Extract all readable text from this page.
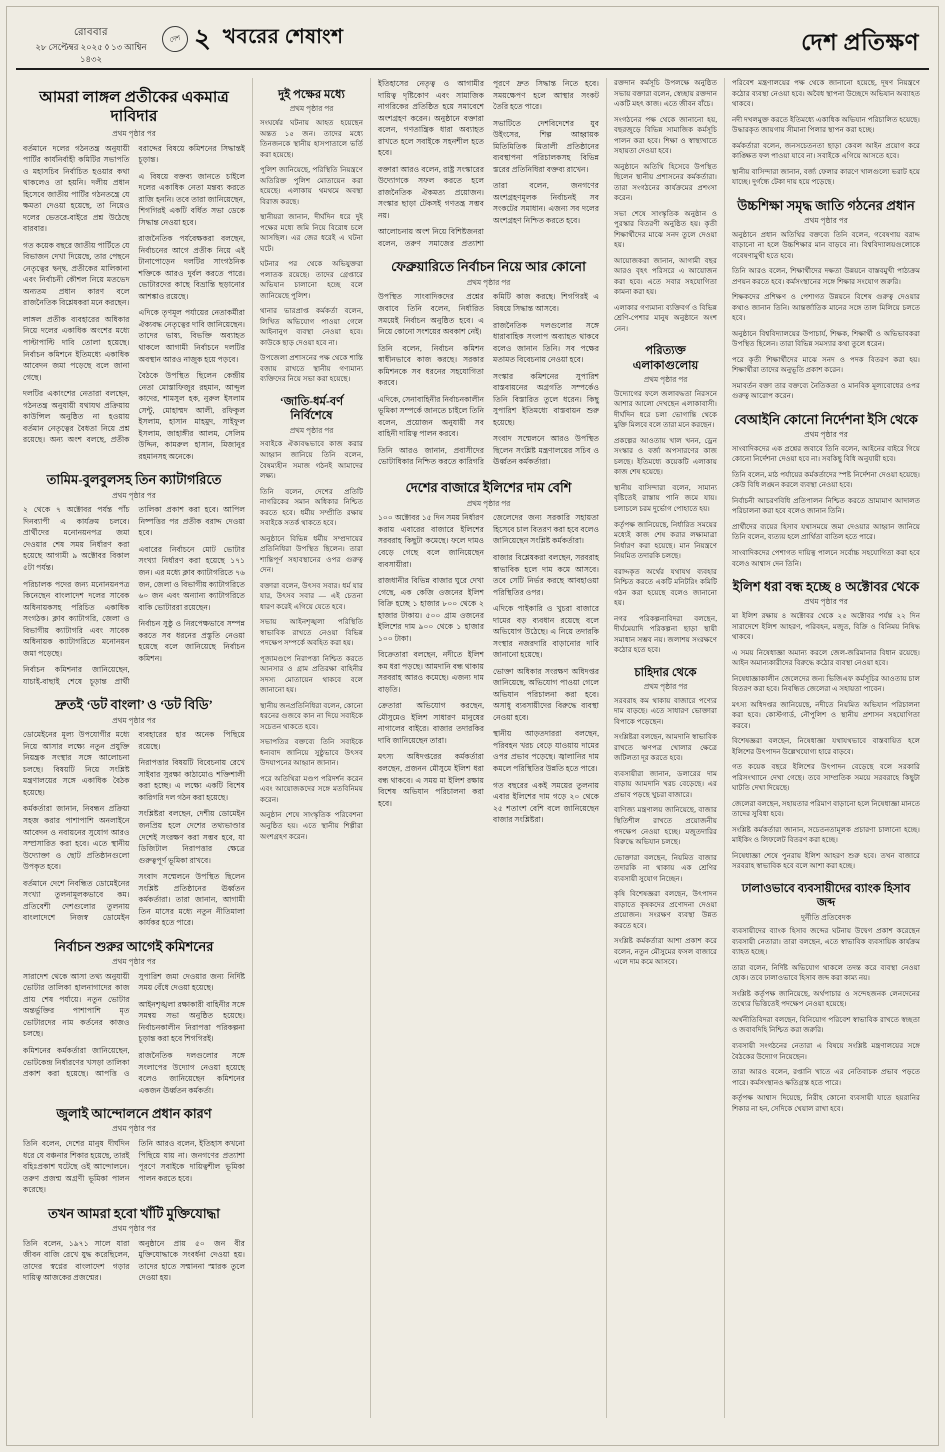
রোববার
২৮ সেপ্টেম্বর ২০২৫ ◊ ১৩ আশ্বিন ১৪৩২
দেশ ২ খবরের শেষাংশ	দেশ প্রতিক্ষণ
আমরা লাঙ্গল প্রতীকের একমাত্র দাবিদার
প্রথম পৃষ্ঠার পর

বর্তমানে দলের গঠনতন্ত্র অনুযায়ী পার্টির কার্যনির্বাহী কমিটির সভাপতি ও মহাসচিব নির্বাচিত হওয়ার কথা থাকলেও তা হয়নি। দলীয় প্রধান হিসেবে জাতীয় পার্টির গঠনতন্ত্রে যে ক্ষমতা দেওয়া হয়েছে, তা নিয়েও দলের ভেতরে-বাইরে প্রশ্ন উঠেছে বারবার।

গত কয়েক বছরে জাতীয় পার্টিতে যে বিভাজন দেখা দিয়েছে, তার পেছনে নেতৃত্বের দ্বন্দ্ব, প্রতীকের মালিকানা এবং নির্বাচনী কৌশল নিয়ে মতভেদ অন্যতম প্রধান কারণ বলে রাজনৈতিক বিশ্লেষকরা মনে করছেন।

লাঙ্গল প্রতীক ব্যবহারের অধিকার নিয়ে দলের একাধিক অংশের মধ্যে পাল্টাপাল্টি দাবি তোলা হয়েছে। নির্বাচন কমিশনে ইতিমধ্যে একাধিক আবেদন জমা পড়েছে বলে জানা গেছে।

দলটির একাংশের নেতারা বলছেন, গঠনতন্ত্র অনুযায়ী যথাযথ প্রক্রিয়ায় কাউন্সিল অনুষ্ঠিত না হওয়ায় বর্তমান নেতৃত্বের বৈধতা নিয়ে প্রশ্ন রয়েছে। অন্য অংশ বলছে, প্রতীক বরাদ্দের বিষয়ে কমিশনের সিদ্ধান্তই চূড়ান্ত।

এ বিষয়ে বক্তব্য জানতে চাইলে দলের একাধিক নেতা মন্তব্য করতে রাজি হননি। তবে তারা জানিয়েছেন, শিগগিরই একটি বর্ধিত সভা ডেকে সিদ্ধান্ত নেওয়া হবে।

রাজনৈতিক পর্যবেক্ষকরা বলছেন, নির্বাচনের আগে প্রতীক নিয়ে এই টানাপোড়েন দলটির সাংগঠনিক শক্তিকে আরও দুর্বল করতে পারে। ভোটারদের কাছে বিভ্রান্তি ছড়ানোর আশঙ্কাও রয়েছে।

এদিকে তৃণমূল পর্যায়ের নেতাকর্মীরা ঐক্যবদ্ধ নেতৃত্বের দাবি জানিয়েছেন। তাদের ভাষ্য, বিভক্তি অব্যাহত থাকলে আগামী নির্বাচনে দলটির অবস্থান আরও নাজুক হয়ে পড়বে।

বৈঠকে উপস্থিত ছিলেন কেন্দ্রীয় নেতা মোস্তাফিজুর রহমান, আব্দুল কাদের, শামসুল হক, নুরুল ইসলাম সেন্টু, মোহাম্মদ আলী, রফিকুল ইসলাম, হাসান মাহমুদ, সাইফুল ইসলাম, জাহাঙ্গীর আলম, সেলিম উদ্দিন, কামরুল হাসান, মিজানুর রহমানসহ অনেকে।

তামিম-বুলবুলসহ তিন ক্যাটাগরিতে
প্রথম পৃষ্ঠার পর

২ থেকে ৭ অক্টোবর পর্যন্ত পাঁচ দিনব্যাপী এ কার্যক্রম চলবে। প্রার্থীদের মনোনয়নপত্র জমা দেওয়ার শেষ সময় নির্ধারণ করা হয়েছে আগামী ৯ অক্টোবর বিকাল ৫টা পর্যন্ত।

পরিচালক পদের জন্য মনোনয়নপত্র কিনেছেন বাংলাদেশ দলের সাবেক অধিনায়কসহ পরিচিত একাধিক সংগঠক। ক্লাব ক্যাটাগরি, জেলা ও বিভাগীয় ক্যাটাগরি এবং সাবেক অধিনায়ক ক্যাটাগরিতে মনোনয়ন জমা পড়েছে।

নির্বাচন কমিশনার জানিয়েছেন, যাচাই-বাছাই শেষে চূড়ান্ত প্রার্থী তালিকা প্রকাশ করা হবে। আপিল নিষ্পত্তির পর প্রতীক বরাদ্দ দেওয়া হবে।

এবারের নির্বাচনে মোট ভোটার সংখ্যা নির্ধারণ করা হয়েছে ১৭১ জন। এর মধ্যে ক্লাব ক্যাটাগরিতে ৭৬ জন, জেলা ও বিভাগীয় ক্যাটাগরিতে ৬০ জন এবং অন্যান্য ক্যাটাগরিতে বাকি ভোটাররা রয়েছেন।

নির্বাচন সুষ্ঠু ও নিরপেক্ষভাবে সম্পন্ন করতে সব ধরনের প্রস্তুতি নেওয়া হয়েছে বলে জানিয়েছে নির্বাচন কমিশন।

দ্রুতই ‘ডট বাংলা’ ও ‘ডট বিডি’
প্রথম পৃষ্ঠার পর

ডোমেইনের মূল্য উপযোগীর মধ্যে নিয়ে আসার লক্ষ্যে নতুন প্রযুক্তি নিয়ন্ত্রক সংস্থার সঙ্গে আলোচনা চলছে। বিষয়টি নিয়ে সংশ্লিষ্ট মন্ত্রণালয়ের সঙ্গে একাধিক বৈঠক হয়েছে।

কর্মকর্তারা জানান, নিবন্ধন প্রক্রিয়া সহজ করার পাশাপাশি অনলাইনে আবেদন ও নবায়নের সুযোগ আরও সম্প্রসারিত করা হবে। এতে স্থানীয় উদ্যোক্তা ও ছোট প্রতিষ্ঠানগুলো উপকৃত হবে।

বর্তমানে দেশে নিবন্ধিত ডোমেইনের সংখ্যা তুলনামূলকভাবে কম। প্রতিবেশী দেশগুলোর তুলনায় বাংলাদেশে নিজস্ব ডোমেইন ব্যবহারের হার অনেক পিছিয়ে রয়েছে।

নিরাপত্তার বিষয়টি বিবেচনায় রেখে সাইবার সুরক্ষা কাঠামোও শক্তিশালী করা হচ্ছে। এ লক্ষ্যে একটি বিশেষ কারিগরি দল গঠন করা হয়েছে।

সংশ্লিষ্টরা বলছেন, দেশীয় ডোমেইন জনপ্রিয় হলে দেশের তথ্যভাণ্ডার দেশেই সংরক্ষণ করা সম্ভব হবে, যা ডিজিটাল নিরাপত্তার ক্ষেত্রে গুরুত্বপূর্ণ ভূমিকা রাখবে।

সংবাদ সম্মেলনে উপস্থিত ছিলেন সংশ্লিষ্ট প্রতিষ্ঠানের ঊর্ধ্বতন কর্মকর্তারা। তারা জানান, আগামী তিন মাসের মধ্যে নতুন নীতিমালা কার্যকর হতে পারে।

নির্বাচন শুরুর আগেই কমিশনের
প্রথম পৃষ্ঠার পর

সারাদেশ থেকে আসা তথ্য অনুযায়ী ভোটার তালিকা হালনাগাদের কাজ প্রায় শেষ পর্যায়ে। নতুন ভোটার অন্তর্ভুক্তির পাশাপাশি মৃত ভোটারদের নাম কর্তনের কাজও চলছে।

কমিশনের কর্মকর্তারা জানিয়েছেন, ভোটকেন্দ্র নির্ধারণের খসড়া তালিকা প্রকাশ করা হয়েছে। আপত্তি ও সুপারিশ জমা দেওয়ার জন্য নির্দিষ্ট সময় বেঁধে দেওয়া হয়েছে।

আইনশৃঙ্খলা রক্ষাকারী বাহিনীর সঙ্গে সমন্বয় সভা অনুষ্ঠিত হয়েছে। নির্বাচনকালীন নিরাপত্তা পরিকল্পনা চূড়ান্ত করা হবে শিগগিরই।

রাজনৈতিক দলগুলোর সঙ্গে সংলাপের উদ্যোগ নেওয়া হয়েছে বলেও জানিয়েছেন কমিশনের একজন ঊর্ধ্বতন কর্মকর্তা।

জুলাই আন্দোলনে প্রধান কারণ
প্রথম পৃষ্ঠার পর

তিনি বলেন, দেশের মানুষ দীর্ঘদিন ধরে যে বঞ্চনার শিকার হয়েছে, তারই বহিঃপ্রকাশ ঘটেছে ওই আন্দোলনে। তরুণ প্রজন্ম অগ্রণী ভূমিকা পালন করেছে।

তিনি আরও বলেন, ইতিহাস কখনো পিছিয়ে যায় না। জনগণের প্রত্যাশা পূরণে সবাইকে দায়িত্বশীল ভূমিকা পালন করতে হবে।

তখন আমরা হবো খাঁটি মুক্তিযোদ্ধা
প্রথম পৃষ্ঠার পর

তিনি বলেন, ১৯৭১ সালে যারা জীবন বাজি রেখে যুদ্ধ করেছিলেন, তাদের স্বপ্নের বাংলাদেশ গড়ার দায়িত্ব আজকের প্রজন্মের।

অনুষ্ঠানে প্রায় ৫০ জন বীর মুক্তিযোদ্ধাকে সংবর্ধনা দেওয়া হয়। তাদের হাতে সম্মাননা স্মারক তুলে দেওয়া হয়।

দুই পক্ষের মধ্যে
প্রথম পৃষ্ঠার পর

সংঘর্ষের ঘটনায় আহত হয়েছেন অন্তত ১৫ জন। তাদের মধ্যে তিনজনকে স্থানীয় হাসপাতালে ভর্তি করা হয়েছে।

পুলিশ জানিয়েছে, পরিস্থিতি নিয়ন্ত্রণে অতিরিক্ত পুলিশ মোতায়েন করা হয়েছে। এলাকায় থমথমে অবস্থা বিরাজ করছে।

স্থানীয়রা জানান, দীর্ঘদিন ধরে দুই পক্ষের মধ্যে জমি নিয়ে বিরোধ চলে আসছিল। এর জের ধরেই এ ঘটনা ঘটে।

ঘটনার পর থেকে অভিযুক্তরা পলাতক রয়েছে। তাদের গ্রেপ্তারে অভিযান চালানো হচ্ছে বলে জানিয়েছে পুলিশ।

থানার ভারপ্রাপ্ত কর্মকর্তা বলেন, লিখিত অভিযোগ পাওয়া গেলে আইনানুগ ব্যবস্থা নেওয়া হবে। কাউকে ছাড় দেওয়া হবে না।

উপজেলা প্রশাসনের পক্ষ থেকে শান্তি বজায় রাখতে স্থানীয় গণ্যমান্য ব্যক্তিদের নিয়ে সভা করা হয়েছে।

‘জাতি-ধর্ম-বর্ণ নির্বিশেষে
প্রথম পৃষ্ঠার পর

সবাইকে ঐক্যবদ্ধভাবে কাজ করার আহ্বান জানিয়ে তিনি বলেন, বৈষম্যহীন সমাজ গঠনই আমাদের লক্ষ্য।

তিনি বলেন, দেশের প্রতিটি নাগরিকের সমান অধিকার নিশ্চিত করতে হবে। ধর্মীয় সম্প্রীতি রক্ষায় সবাইকে সতর্ক থাকতে হবে।

অনুষ্ঠানে বিভিন্ন ধর্মীয় সম্প্রদায়ের প্রতিনিধিরা উপস্থিত ছিলেন। তারা শান্তিপূর্ণ সহাবস্থানের ওপর গুরুত্ব দেন।

বক্তারা বলেন, উৎসব সবার। ধর্ম যার যার, উৎসব সবার — এই চেতনা ধারণ করেই এগিয়ে যেতে হবে।

সভায় আইনশৃঙ্খলা পরিস্থিতি স্বাভাবিক রাখতে নেওয়া বিভিন্ন পদক্ষেপ সম্পর্কে অবহিত করা হয়।

পূজামণ্ডপে নিরাপত্তা নিশ্চিত করতে আনসার ও গ্রাম প্রতিরক্ষা বাহিনীর সদস্য মোতায়েন থাকবে বলে জানানো হয়।

স্থানীয় জনপ্রতিনিধিরা বলেন, কোনো ধরনের গুজবে কান না দিয়ে সবাইকে সচেতন থাকতে হবে।

সভাপতির বক্তব্যে তিনি সবাইকে ধন্যবাদ জানিয়ে সুষ্ঠুভাবে উৎসব উদযাপনের আহ্বান জানান।

পরে অতিথিরা মণ্ডপ পরিদর্শন করেন এবং আয়োজকদের সঙ্গে মতবিনিময় করেন।

অনুষ্ঠান শেষে সাংস্কৃতিক পরিবেশনা অনুষ্ঠিত হয়। এতে স্থানীয় শিল্পীরা অংশগ্রহণ করেন।

ইতিহাসের নেতৃত্ব ও আগামীর দায়িত্ব দৃষ্টিকোণ এবং সামাজিক নাগরিকের প্রতিষ্ঠিত হয়ে সমাবেশে অংশগ্রহণ করেন। অনুষ্ঠানে বক্তারা বলেন, গণতান্ত্রিক ধারা অব্যাহত রাখতে হলে সবাইকে সহনশীল হতে হবে।

বক্তারা আরও বলেন, রাষ্ট্র সংস্কারের উদ্যোগকে সফল করতে হলে রাজনৈতিক ঐকমত্য প্রয়োজন। সংস্কার ছাড়া টেকসই গণতন্ত্র সম্ভব নয়।

আলোচনায় অংশ নিয়ে বিশিষ্টজনরা বলেন, তরুণ সমাজের প্রত্যাশা পূরণে দ্রুত সিদ্ধান্ত নিতে হবে। সময়ক্ষেপণ হলে আস্থার সংকট তৈরি হতে পারে।

সভাটিতে দেশবিদেশের যুব উইংসের, শিল্প আহ্বায়ক মিতিমিতিক মিতালী প্রতিষ্ঠানের ব্যবস্থাপনা পরিচালকসহ বিভিন্ন স্তরের প্রতিনিধিরা বক্তব্য রাখেন।

তারা বলেন, জনগণের অংশগ্রহণমূলক নির্বাচনই সব সংকটের সমাধান। এজন্য সব দলের অংশগ্রহণ নিশ্চিত করতে হবে।

ফেব্রুয়ারিতে নির্বাচন নিয়ে আর কোনো
প্রথম পৃষ্ঠার পর

উপস্থিত সাংবাদিকদের প্রশ্নের জবাবে তিনি বলেন, নির্ধারিত সময়েই নির্বাচন অনুষ্ঠিত হবে। এ নিয়ে কোনো সংশয়ের অবকাশ নেই।

তিনি বলেন, নির্বাচন কমিশন স্বাধীনভাবে কাজ করছে। সরকার কমিশনকে সব ধরনের সহযোগিতা করবে।

এদিকে, সেনাবাহিনীর নির্বাচনকালীন ভূমিকা সম্পর্কে জানতে চাইলে তিনি বলেন, প্রয়োজন অনুযায়ী সব বাহিনী দায়িত্ব পালন করবে।

তিনি আরও জানান, প্রবাসীদের ভোটাধিকার নিশ্চিত করতে কারিগরি কমিটি কাজ করছে। শিগগিরই এ বিষয়ে সিদ্ধান্ত আসবে।

রাজনৈতিক দলগুলোর সঙ্গে ধারাবাহিক সংলাপ অব্যাহত থাকবে বলেও জানান তিনি। সব পক্ষের মতামত বিবেচনায় নেওয়া হবে।

সংস্কার কমিশনের সুপারিশ বাস্তবায়নের অগ্রগতি সম্পর্কেও তিনি বিস্তারিত তুলে ধরেন। কিছু সুপারিশ ইতিমধ্যে বাস্তবায়ন শুরু হয়েছে।

সংবাদ সম্মেলনে আরও উপস্থিত ছিলেন সংশ্লিষ্ট মন্ত্রণালয়ের সচিব ও ঊর্ধ্বতন কর্মকর্তারা।

দেশের বাজারে ইলিশের দাম বেশি
প্রথম পৃষ্ঠার পর

১০০ অক্টোবর ১৫ দিন সময় নির্ধারণ করায় এবারের বাজারে ইলিশের সরবরাহ কিছুটা কমেছে। ফলে দামও বেড়ে গেছে বলে জানিয়েছেন ব্যবসায়ীরা।

রাজধানীর বিভিন্ন বাজার ঘুরে দেখা গেছে, এক কেজি ওজনের ইলিশ বিক্রি হচ্ছে ১ হাজার ৮০০ থেকে ২ হাজার টাকায়। ৫০০ গ্রাম ওজনের ইলিশের দাম ৯০০ থেকে ১ হাজার ১০০ টাকা।

বিক্রেতারা বলছেন, নদীতে ইলিশ কম ধরা পড়ছে। আমদানি বন্ধ থাকায় সরবরাহ আরও কমেছে। এজন্য দাম বাড়তি।

ক্রেতারা অভিযোগ করছেন, মৌসুমেও ইলিশ সাধারণ মানুষের নাগালের বাইরে। বাজার তদারকির দাবি জানিয়েছেন তারা।

মৎস্য অধিদপ্তরের কর্মকর্তারা বলছেন, প্রজনন মৌসুমে ইলিশ ধরা বন্ধ থাকবে। এ সময় মা ইলিশ রক্ষায় বিশেষ অভিযান পরিচালনা করা হবে।

জেলেদের জন্য সরকারি সহায়তা হিসেবে চাল বিতরণ করা হবে বলেও জানিয়েছেন সংশ্লিষ্ট কর্মকর্তারা।

বাজার বিশ্লেষকরা বলছেন, সরবরাহ স্বাভাবিক হলে দাম কমে আসবে। তবে সেটি নির্ভর করছে আবহাওয়া পরিস্থিতির ওপর।

এদিকে পাইকারি ও খুচরা বাজারে দামের বড় ব্যবধান রয়েছে বলে অভিযোগ উঠেছে। এ নিয়ে তদারকি সংস্থার নজরদারি বাড়ানোর দাবি জানানো হয়েছে।

ভোক্তা অধিকার সংরক্ষণ অধিদপ্তর জানিয়েছে, অভিযোগ পাওয়া গেলে অভিযান পরিচালনা করা হবে। অসাধু ব্যবসায়ীদের বিরুদ্ধে ব্যবস্থা নেওয়া হবে।

স্থানীয় আড়তদাররা বলছেন, পরিবহন খরচ বেড়ে যাওয়ায় দামের ওপর প্রভাব পড়েছে। জ্বালানির দাম কমলে পরিস্থিতির উন্নতি হতে পারে।

গত বছরের একই সময়ের তুলনায় এবার ইলিশের দাম গড়ে ২০ থেকে ২৫ শতাংশ বেশি বলে জানিয়েছেন বাজার সংশ্লিষ্টরা।

রক্তদান কর্মসূচি উপলক্ষে অনুষ্ঠিত সভায় বক্তারা বলেন, স্বেচ্ছায় রক্তদান একটি মহৎ কাজ। এতে জীবন বাঁচে।

সংগঠনের পক্ষ থেকে জানানো হয়, বছরজুড়ে বিভিন্ন সামাজিক কর্মসূচি পালন করা হবে। শিক্ষা ও স্বাস্থ্যখাতে সহায়তা দেওয়া হবে।

অনুষ্ঠানে অতিথি হিসেবে উপস্থিত ছিলেন স্থানীয় প্রশাসনের কর্মকর্তারা। তারা সংগঠনের কার্যক্রমের প্রশংসা করেন।

সভা শেষে সাংস্কৃতিক অনুষ্ঠান ও পুরস্কার বিতরণী অনুষ্ঠিত হয়। কৃতী শিক্ষার্থীদের মাঝে সনদ তুলে দেওয়া হয়।

আয়োজকরা জানান, আগামী বছর আরও বৃহৎ পরিসরে এ আয়োজন করা হবে। এতে সবার সহযোগিতা কামনা করা হয়।

এলাকার গণ্যমান্য ব্যক্তিবর্গ ও বিভিন্ন শ্রেণি-পেশার মানুষ অনুষ্ঠানে অংশ নেন।

পরিত্যক্ত এলাকাগুলোয়
প্রথম পৃষ্ঠার পর

উদ্যোগের ফলে জলাবদ্ধতা নিরসনে আশার আলো দেখছেন এলাকাবাসী। দীর্ঘদিন ধরে চলা ভোগান্তি থেকে মুক্তি মিলবে বলে তারা মনে করছেন।

প্রকল্পের আওতায় খাল খনন, ড্রেন সংস্কার ও বর্জ্য অপসারণের কাজ চলছে। ইতিমধ্যে কয়েকটি এলাকায় কাজ শেষ হয়েছে।

স্থানীয় বাসিন্দারা বলেন, সামান্য বৃষ্টিতেই রাস্তায় পানি জমে যায়। চলাচলে চরম দুর্ভোগ পোহাতে হয়।

কর্তৃপক্ষ জানিয়েছে, নির্ধারিত সময়ের মধ্যেই কাজ শেষ করার লক্ষ্যমাত্রা নির্ধারণ করা হয়েছে। মান নিয়ন্ত্রণে নিয়মিত তদারকি চলছে।

বরাদ্দকৃত অর্থের যথাযথ ব্যবহার নিশ্চিত করতে একটি মনিটরিং কমিটি গঠন করা হয়েছে বলেও জানানো হয়।

নগর পরিকল্পনাবিদরা বলছেন, দীর্ঘমেয়াদি পরিকল্পনা ছাড়া স্থায়ী সমাধান সম্ভব নয়। জলাশয় সংরক্ষণে কঠোর হতে হবে।

চাহিদার থেকে
প্রথম পৃষ্ঠার পর

সরবরাহ কম থাকায় বাজারে পণ্যের দাম বাড়ছে। এতে সাধারণ ভোক্তারা বিপাকে পড়েছেন।

সংশ্লিষ্টরা বলছেন, আমদানি স্বাভাবিক রাখতে ঋণপত্র খোলার ক্ষেত্রে জটিলতা দূর করতে হবে।

ব্যবসায়ীরা জানান, ডলারের দাম বাড়ায় আমদানি খরচ বেড়েছে। এর প্রভাব পড়ছে খুচরা বাজারে।

বাণিজ্য মন্ত্রণালয় জানিয়েছে, বাজার স্থিতিশীল রাখতে প্রয়োজনীয় পদক্ষেপ নেওয়া হচ্ছে। মজুতদারির বিরুদ্ধে অভিযান চলছে।

ভোক্তারা বলছেন, নিয়মিত বাজার তদারকি না থাকায় এক শ্রেণির ব্যবসায়ী সুযোগ নিচ্ছেন।

কৃষি বিশেষজ্ঞরা বলছেন, উৎপাদন বাড়াতে কৃষকদের প্রণোদনা দেওয়া প্রয়োজন। সংরক্ষণ ব্যবস্থা উন্নত করতে হবে।

সংশ্লিষ্ট কর্মকর্তারা আশা প্রকাশ করে বলেন, নতুন মৌসুমের ফসল বাজারে এলে দাম কমে আসবে।

পরিবেশ মন্ত্রণালয়ের পক্ষ থেকে জানানো হয়েছে, দূষণ নিয়ন্ত্রণে কঠোর ব্যবস্থা নেওয়া হবে। অবৈধ স্থাপনা উচ্ছেদে অভিযান অব্যাহত থাকবে।

নদী দখলমুক্ত করতে ইতিমধ্যে একাধিক অভিযান পরিচালিত হয়েছে। উদ্ধারকৃত জায়গায় সীমানা পিলার স্থাপন করা হচ্ছে।

কর্মকর্তারা বলেন, জনসচেতনতা ছাড়া কেবল আইন প্রয়োগ করে কাঙ্ক্ষিত ফল পাওয়া যাবে না। সবাইকে এগিয়ে আসতে হবে।

স্থানীয় বাসিন্দারা জানান, বর্জ্য ফেলার কারণে খালগুলো ভরাট হয়ে যাচ্ছে। দুর্গন্ধে টেকা দায় হয়ে পড়েছে।

উচ্চশিক্ষা সমৃদ্ধ জাতি গঠনের প্রধান
প্রথম পৃষ্ঠার পর

অনুষ্ঠানে প্রধান অতিথির বক্তব্যে তিনি বলেন, গবেষণায় বরাদ্দ বাড়ানো না হলে উচ্চশিক্ষার মান বাড়বে না। বিশ্ববিদ্যালয়গুলোকে গবেষণামুখী হতে হবে।

তিনি আরও বলেন, শিক্ষার্থীদের দক্ষতা উন্নয়নে বাস্তবমুখী পাঠ্যক্রম প্রণয়ন করতে হবে। কর্মসংস্থানের সঙ্গে শিক্ষার সংযোগ জরুরি।

শিক্ষকদের প্রশিক্ষণ ও পেশাগত উন্নয়নে বিশেষ গুরুত্ব দেওয়ার কথাও জানান তিনি। আন্তর্জাতিক মানের সঙ্গে তাল মিলিয়ে চলতে হবে।

অনুষ্ঠানে বিশ্ববিদ্যালয়ের উপাচার্য, শিক্ষক, শিক্ষার্থী ও অভিভাবকরা উপস্থিত ছিলেন। তারা বিভিন্ন সমস্যার কথা তুলে ধরেন।

পরে কৃতী শিক্ষার্থীদের মাঝে সনদ ও পদক বিতরণ করা হয়। শিক্ষার্থীরা তাদের অনুভূতি প্রকাশ করেন।

সমাবর্তন বক্তা তার বক্তব্যে নৈতিকতা ও মানবিক মূল্যবোধের ওপর গুরুত্ব আরোপ করেন।

বেআইনি কোনো নির্দেশনা ইসি থেকে
প্রথম পৃষ্ঠার পর

সাংবাদিকদের এক প্রশ্নের জবাবে তিনি বলেন, আইনের বাইরে গিয়ে কোনো নির্দেশনা দেওয়া হবে না। সবকিছু বিধি অনুযায়ী হবে।

তিনি বলেন, মাঠ পর্যায়ের কর্মকর্তাদের স্পষ্ট নির্দেশনা দেওয়া হয়েছে। কেউ বিধি লঙ্ঘন করলে ব্যবস্থা নেওয়া হবে।

নির্বাচনী আচরণবিধি প্রতিপালন নিশ্চিত করতে ভ্রাম্যমাণ আদালত পরিচালনা করা হবে বলেও জানান তিনি।

প্রার্থীদের ব্যয়ের হিসাব যথাসময়ে জমা দেওয়ার আহ্বান জানিয়ে তিনি বলেন, ব্যত্যয় হলে প্রার্থিতা বাতিল হতে পারে।

সাংবাদিকদের পেশাগত দায়িত্ব পালনে সর্বোচ্চ সহযোগিতা করা হবে বলেও আশ্বাস দেন তিনি।

ইলিশ ধরা বন্ধ হচ্ছে ৪ অক্টোবর থেকে
প্রথম পৃষ্ঠার পর

মা ইলিশ রক্ষায় ৪ অক্টোবর থেকে ২৫ অক্টোবর পর্যন্ত ২২ দিন সারাদেশে ইলিশ আহরণ, পরিবহন, মজুত, বিক্রি ও বিনিময় নিষিদ্ধ থাকবে।

এ সময় নিষেধাজ্ঞা অমান্য করলে জেল-জরিমানার বিধান রয়েছে। আইন অমান্যকারীদের বিরুদ্ধে কঠোর ব্যবস্থা নেওয়া হবে।

নিষেধাজ্ঞাকালীন জেলেদের জন্য ভিজিএফ কর্মসূচির আওতায় চাল বিতরণ করা হবে। নিবন্ধিত জেলেরা এ সহায়তা পাবেন।

মৎস্য অধিদপ্তর জানিয়েছে, নদীতে নিয়মিত অভিযান পরিচালনা করা হবে। কোস্টগার্ড, নৌপুলিশ ও স্থানীয় প্রশাসন সহযোগিতা করবে।

বিশেষজ্ঞরা বলছেন, নিষেধাজ্ঞা যথাযথভাবে বাস্তবায়িত হলে ইলিশের উৎপাদন উল্লেখযোগ্য হারে বাড়বে।

গত কয়েক বছরে ইলিশের উৎপাদন বেড়েছে বলে সরকারি পরিসংখ্যানে দেখা গেছে। তবে সাম্প্রতিক সময়ে সরবরাহে কিছুটা ঘাটতি দেখা দিয়েছে।

জেলেরা বলছেন, সহায়তার পরিমাণ বাড়ানো হলে নিষেধাজ্ঞা মানতে তাদের সুবিধা হবে।

সংশ্লিষ্ট কর্মকর্তারা জানান, সচেতনতামূলক প্রচারণা চালানো হচ্ছে। মাইকিং ও লিফলেট বিতরণ করা হচ্ছে।

নিষেধাজ্ঞা শেষে পুনরায় ইলিশ আহরণ শুরু হবে। তখন বাজারে সরবরাহ স্বাভাবিক হবে বলে আশা করা হচ্ছে।

ঢালাওভাবে ব্যবসায়ীদের ব্যাংক হিসাব জব্দ
দুর্নীতি প্রতিবেদক

ব্যবসায়ীদের ব্যাংক হিসাব জব্দের ঘটনায় উদ্বেগ প্রকাশ করেছেন ব্যবসায়ী নেতারা। তারা বলছেন, এতে স্বাভাবিক ব্যবসায়িক কার্যক্রম ব্যাহত হচ্ছে।

তারা বলেন, নির্দিষ্ট অভিযোগ থাকলে তদন্ত করে ব্যবস্থা নেওয়া হোক। তবে ঢালাওভাবে হিসাব জব্দ করা কাম্য নয়।

সংশ্লিষ্ট কর্তৃপক্ষ জানিয়েছে, অর্থপাচার ও সন্দেহজনক লেনদেনের তথ্যের ভিত্তিতেই পদক্ষেপ নেওয়া হয়েছে।

অর্থনীতিবিদরা বলছেন, বিনিয়োগ পরিবেশ স্বাভাবিক রাখতে স্বচ্ছতা ও জবাবদিহি নিশ্চিত করা জরুরি।

ব্যবসায়ী সংগঠনের নেতারা এ বিষয়ে সংশ্লিষ্ট মন্ত্রণালয়ের সঙ্গে বৈঠকের উদ্যোগ নিয়েছেন।

তারা আরও বলেন, রপ্তানি খাতে এর নেতিবাচক প্রভাব পড়তে পারে। কর্মসংস্থানও ক্ষতিগ্রস্ত হতে পারে।

কর্তৃপক্ষ আশ্বাস দিয়েছে, নিরীহ কোনো ব্যবসায়ী যাতে হয়রানির শিকার না হন, সেদিকে খেয়াল রাখা হবে।
